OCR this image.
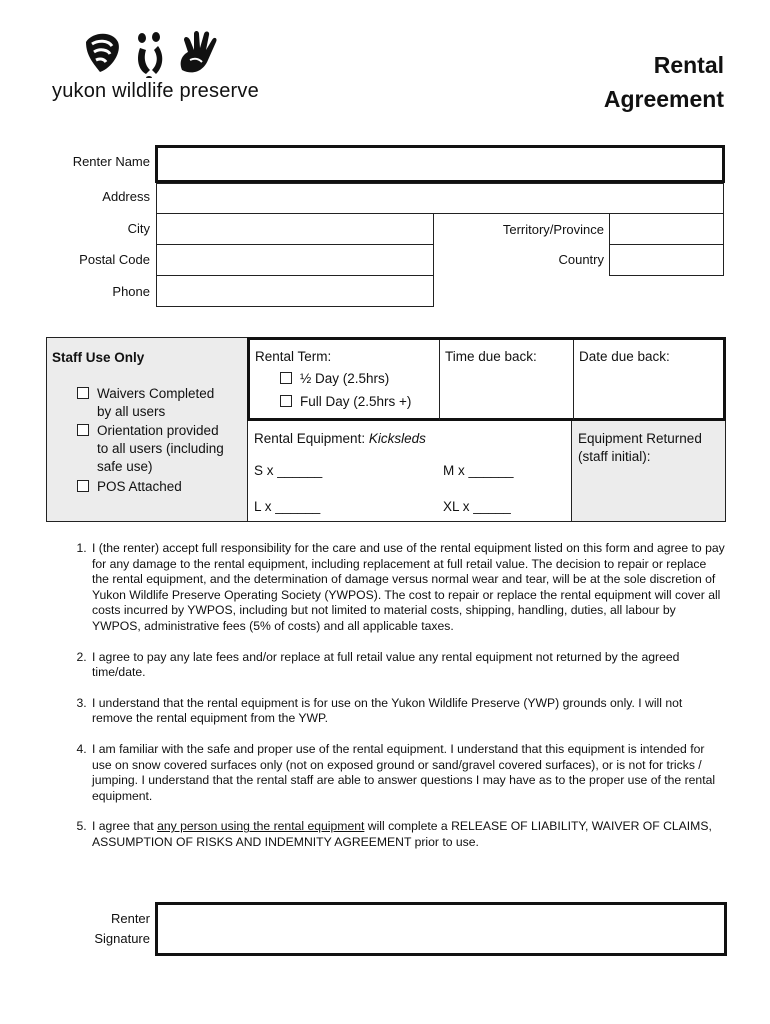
yukon wildlife preserve
Rental
Agreement
Renter Name
Address
City	Territory/Province
Postal Code	Country
Phone
Staff Use Only
Waivers Completed
by all users
Orientation provided
to all users (including
safe use)
POS Attached
Rental Term:
½ Day (2.5hrs)
Full Day (2.5hrs +)
Time due back:	Date due back:
Rental Equipment: Kicksleds
S x ______	M x ______
L x ______	XL x _____
Equipment Returned
(staff initial):
1. I (the renter) accept full responsibility for the care and use of the rental equipment listed on this form and agree to pay for any damage to the rental equipment, including replacement at full retail value. The decision to repair or replace the rental equipment, and the determination of damage versus normal wear and tear, will be at the sole discretion of Yukon Wildlife Preserve Operating Society (YWPOS). The cost to repair or replace the rental equipment will cover all costs incurred by YWPOS, including but not limited to material costs, shipping, handling, duties, all labour by YWPOS, administrative fees (5% of costs) and all applicable taxes.
2. I agree to pay any late fees and/or replace at full retail value any rental equipment not returned by the agreed time/date.
3. I understand that the rental equipment is for use on the Yukon Wildlife Preserve (YWP) grounds only. I will not remove the rental equipment from the YWP.
4. I am familiar with the safe and proper use of the rental equipment. I understand that this equipment is intended for use on snow covered surfaces only (not on exposed ground or sand/gravel covered surfaces), or is not for tricks / jumping. I understand that the rental staff are able to answer questions I may have as to the proper use of the rental equipment.
5. I agree that any person using the rental equipment will complete a RELEASE OF LIABILITY, WAIVER OF CLAIMS, ASSUMPTION OF RISKS AND INDEMNITY AGREEMENT prior to use.
Renter
Signature
